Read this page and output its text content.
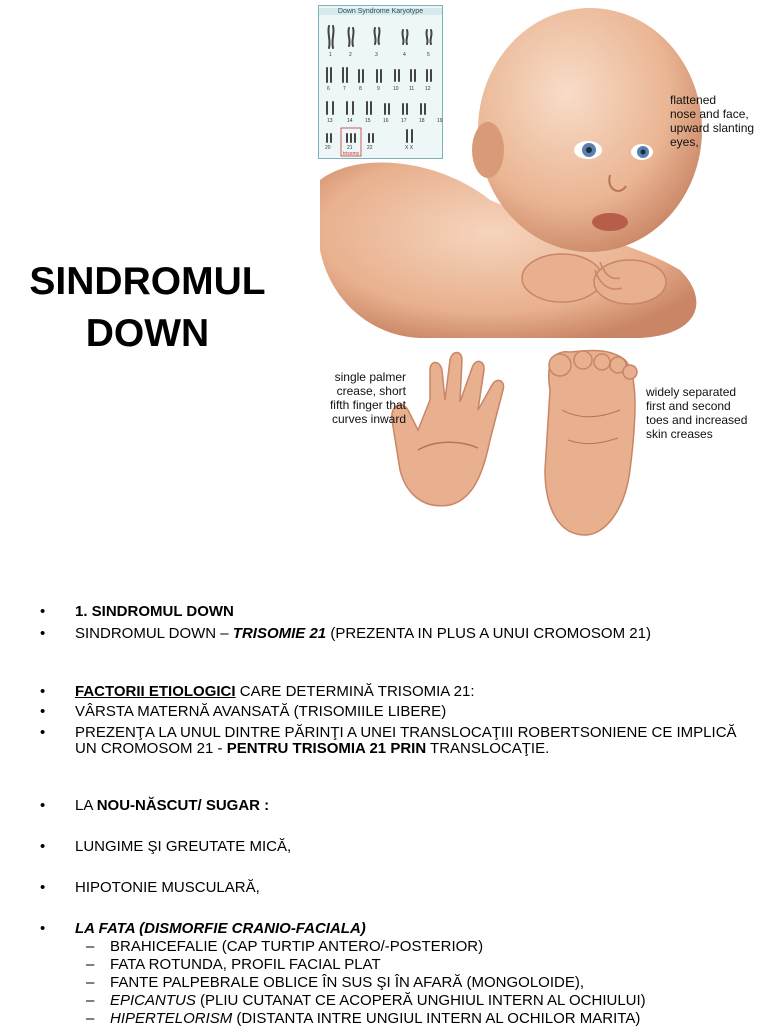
SINDROMUL
DOWN
Down Syndrome Karyotype
1	2	3	4	5
6	7	8	9	10 11 12
13	14 15 16 17 18
20	21	22	X X
19
trisomy
flattened
nose and face,
upward slanting
eyes,
single palmer
crease, short
fifth finger that
curves inward
widely separated
first and second
toes and increased
skin creases
• 1. SINDROMUL DOWN
• SINDROMUL DOWN – TRISOMIE 21 (PREZENTA IN PLUS A UNUI CROMOSOM 21)
• FACTORII ETIOLOGICI CARE DETERMINĂ TRISOMIA 21:
• VÂRSTA MATERNĂ AVANSATĂ (TRISOMIILE LIBERE)
• PREZENŢA LA UNUL DINTRE PĂRINŢI A UNEI TRANSLOCAŢIII ROBERTSONIENE CE IMPLICĂ UN CROMOSOM 21 - PENTRU TRISOMIA 21 PRIN TRANSLOCAŢIE.
• LA NOU-NĂSCUT/ SUGAR :
• LUNGIME ŞI GREUTATE MICĂ,
• HIPOTONIE MUSCULARĂ,
• LA FATA (DISMORFIE CRANIO-FACIALA)
– BRAHICEFALIE (CAP TURTIP ANTERO/-POSTERIOR)
– FATA ROTUNDA, PROFIL FACIAL PLAT
– FANTE PALPEBRALE OBLICE ÎN SUS ŞI ÎN AFARĂ (MONGOLOIDE),
– EPICANTUS (PLIU CUTANAT CE ACOPERĂ UNGHIUL INTERN AL OCHIULUI)
– HIPERTELORISM (DISTANTA INTRE UNGIUL INTERN AL OCHILOR MARITA)
